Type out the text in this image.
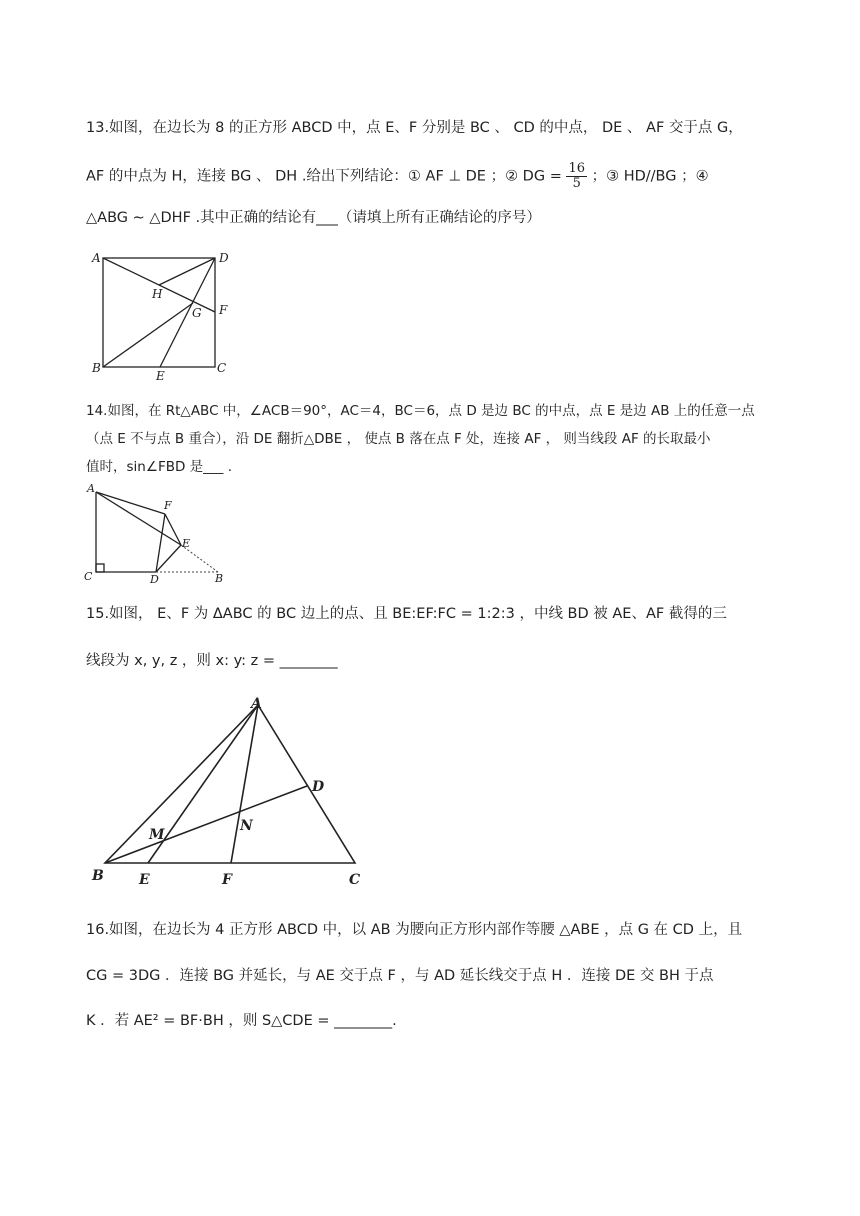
13.如图，在边长为 8 的正方形 ABCD 中，点 E、F 分别是 BC 、 CD 的中点， DE 、 AF 交于点 G，
AF 的中点为 H，连接 BG 、 DH .给出下列结论：① AF ⊥ DE ；② DG = $\frac{16}{5}$ ；③ HD//BG ；④
△ABG ∼ △DHF .其中正确的结论有___（请填上所有正确结论的序号）
A	D
H
G F
B
E
C
14.如图，在 Rt△ABC 中，∠ACB＝90°，AC＝4，BC＝6，点 D 是边 BC 的中点，点 E 是边 AB 上的任意一点
（点 E 不与点 B 重合），沿 DE 翻折△DBE ， 使点 B 落在点 F 处，连接 AF ， 则当线段 AF 的长取最小
值时，sin∠FBD 是___ .
A
F
E
C	D	B
15.如图， E、F 为 ΔABC 的 BC 边上的点、且 BE:EF:FC = 1:2:3 ，中线 BD 被 AE、AF 截得的三
线段为 x, y, z ，则 x: y: z = ________
A
D
M
N
B	E	F	C
16.如图，在边长为 4 正方形 ABCD 中，以 AB 为腰向正方形内部作等腰 △ABE ，点 G 在 CD 上，且
CG = 3DG ．连接 BG 并延长，与 AE 交于点 F ，与 AD 延长线交于点 H ．连接 DE 交 BH 于点
K ．若 AE² = BF·BH ，则 S△CDE = ________.
